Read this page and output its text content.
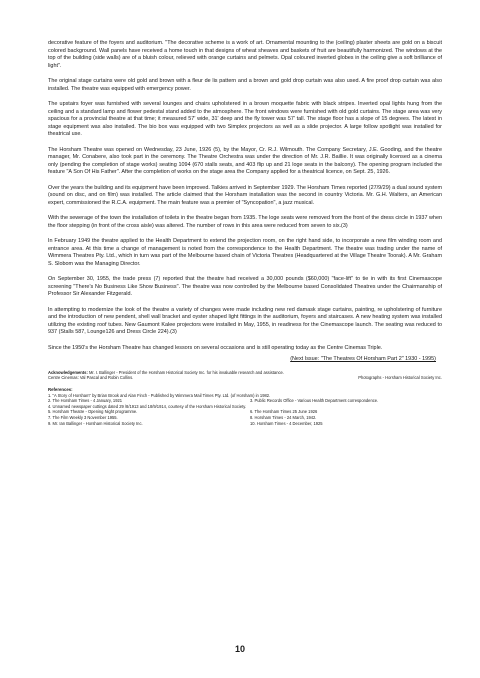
decorative feature of the foyers and auditorium. "The decorative scheme is a work of art. Ornamental mounting to the (ceiling) plaster sheets are gold on a biscuit colored background. Wall panels have received a home touch in that designs of wheat sheaves and baskets of fruit are beautifully harmonized. The windows at the top of the building (side walls) are of a bluish colour, relieved with orange curtains and pelmets. Opal coloured inverted globes in the ceiling give a soft brilliance of light".

The original stage curtains were old gold and brown with a fleur de lis pattern and a brown and gold drop curtain was also used. A fire proof drop curtain was also installed. The theatre was equipped with emergency power.

The upstairs foyer was furnished with several lounges and chairs upholstered in a brown moquette fabric with black stripes. Inverted opal lights hung from the ceiling and a standard lamp and flower pedestal stand added to the atmosphere. The front windows were furnished with old gold curtains. The stage area was very spacious for a provincial theatre at that time; it measured 57' wide, 31' deep and the fly tower was 57' tall. The stage floor has a slope of 15 degrees. The latest in stage equipment was also installed. The bio box was equipped with two Simplex projectors as well as a slide projector. A large follow spotlight was installed for theatrical use.

The Horsham Theatre was opened on Wednesday, 23 June, 1926 (5), by the Mayor, Cr. R.J. Wilmouth. The Company Secretary, J.E. Gooding, and the theatre manager, Mr. Conabere, also took part in the ceremony. The Theatre Orchestra was under the direction of Mr. J.R. Baillie. It was originally licensed as a cinema only (pending the completion of stage works) seating 1094 (670 stalls seats, and 403 flip up and 21 loge seats in the balcony). The opening program included the feature "A Son Of His Father". After the completion of works on the stage area the Company applied for a theatrical licence, on Sept. 25, 1926.

Over the years the building and its equipment have been improved. Talkies arrived in September 1929. The Horsham Times reported (27/9/29) a dual sound system (sound on disc, and on film) was installed. The article claimed that the Horsham installation was the second in country Victoria. Mr. G.H. Walters, an American expert, commissioned the R.C.A. equipment. The main feature was a premier of "Syncopation", a jazz musical.

With the sewerage of the town the installation of toilets in the theatre began from 1935. The loge seats were removed from the front of the dress circle in 1937 when the floor stepping (in front of the cross aisle) was altered. The number of rows in this area were reduced from seven to six.(3)

In February 1949 the theatre applied to the Health Department to extend the projection room, on the right hand side, to incorporate a new film winding room and entrance area. At this time a change of management is noted from the correspondence to the Health Department. The theatre was trading under the name of Wimmera Theatres Pty. Ltd., which in turn was part of the Melbourne based chain of Victoria Theatres (Headquartered at the Village Theatre Toorak). A Mr. Graham S. Slobom was the Managing Director.

On September 30, 1955, the trade press (7) reported that the theatre had received a 30,000 pounds ($60,000) "face-lift" to tie in with its first Cinemascope screening "There's No Business Like Show Business". The theatre was now controlled by the Melbourne based Consolidated Theatres under the Chairmanship of Professor Sir Alexander Fitzgerald.

In attempting to modernize the look of the theatre a variety of changes were made including new red damask stage curtains, painting, re upholstering of furniture and the introduction of new pendent, shell wall bracket and oyster shaped light fittings in the auditorium, foyers and staircases. A new heating system was installed utilizing the existing roof tubes. New Gaumont Kalee projectors were installed in May, 1955, in readiness for the Cinemascope launch. The seating was reduced to 937 (Stalls 587, Lounge126 and Dress Circle 224).(3)

Since the 1950's the Horsham Theatre has changed lessors on several occasions and is still operating today as the Centre Cinemas Triple.

(Next Issue: "The Theatres Of Horsham Part 2" 1930 - 1995)
Acknowledgements: Mr. I. Ballinger - President of the Horsham Historical Society Inc. for his invaluable research and assistance.
Centre Cinemas: Val Pascal and Robin Collins.	Photographs - Horsham Historical Society Inc.
References:
1. "A Story of Horsham" by Brian Brook and Alan Finch - Published by Wimmera Mail Times Pty. Ltd. (of Horsham) in 1982.
2. The Horsham Times - 4 January, 1921	3. Public Records Office - Various Health Department correspondence.
4. Unnamed newspaper cuttings dated 29 /8/1913 and 18/9/1914, courtesy of the Horsham Historical Society.
5. Horsham Theatre - Opening Night programme.	6. The Horsham Times 25 June 1926
7. The Film Weekly 3 November 1955.	8. Horsham Times - 24 March, 1942.
9. Mr. Ian Ballinger - Horsham Historical Society Inc.	10. Horsham Times - 4 December, 1925
10
